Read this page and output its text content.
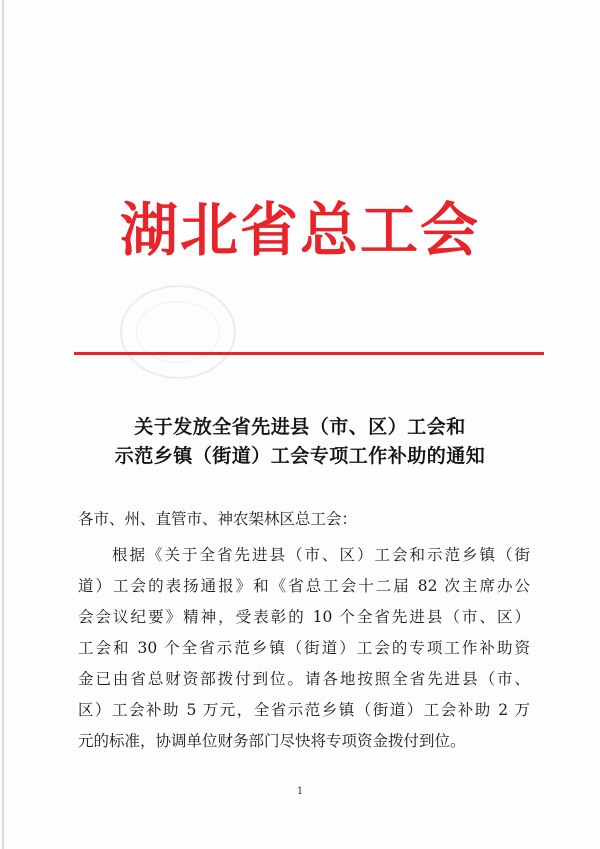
湖北省总工会
关于发放全省先进县（市、区）工会和
示范乡镇（街道）工会专项工作补助的通知
各市、州、直管市、神农架林区总工会：
根据《关于全省先进县（市、区）工会和示范乡镇（街
道）工会的表扬通报》和《省总工会十二届 82 次主席办公
会会议纪要》精神，受表彰的 10 个全省先进县（市、区）
工会和 30 个全省示范乡镇（街道）工会的专项工作补助资
金已由省总财资部拨付到位。请各地按照全省先进县（市、
区）工会补助 5 万元，全省示范乡镇（街道）工会补助 2 万
元的标准，协调单位财务部门尽快将专项资金拨付到位。
1
